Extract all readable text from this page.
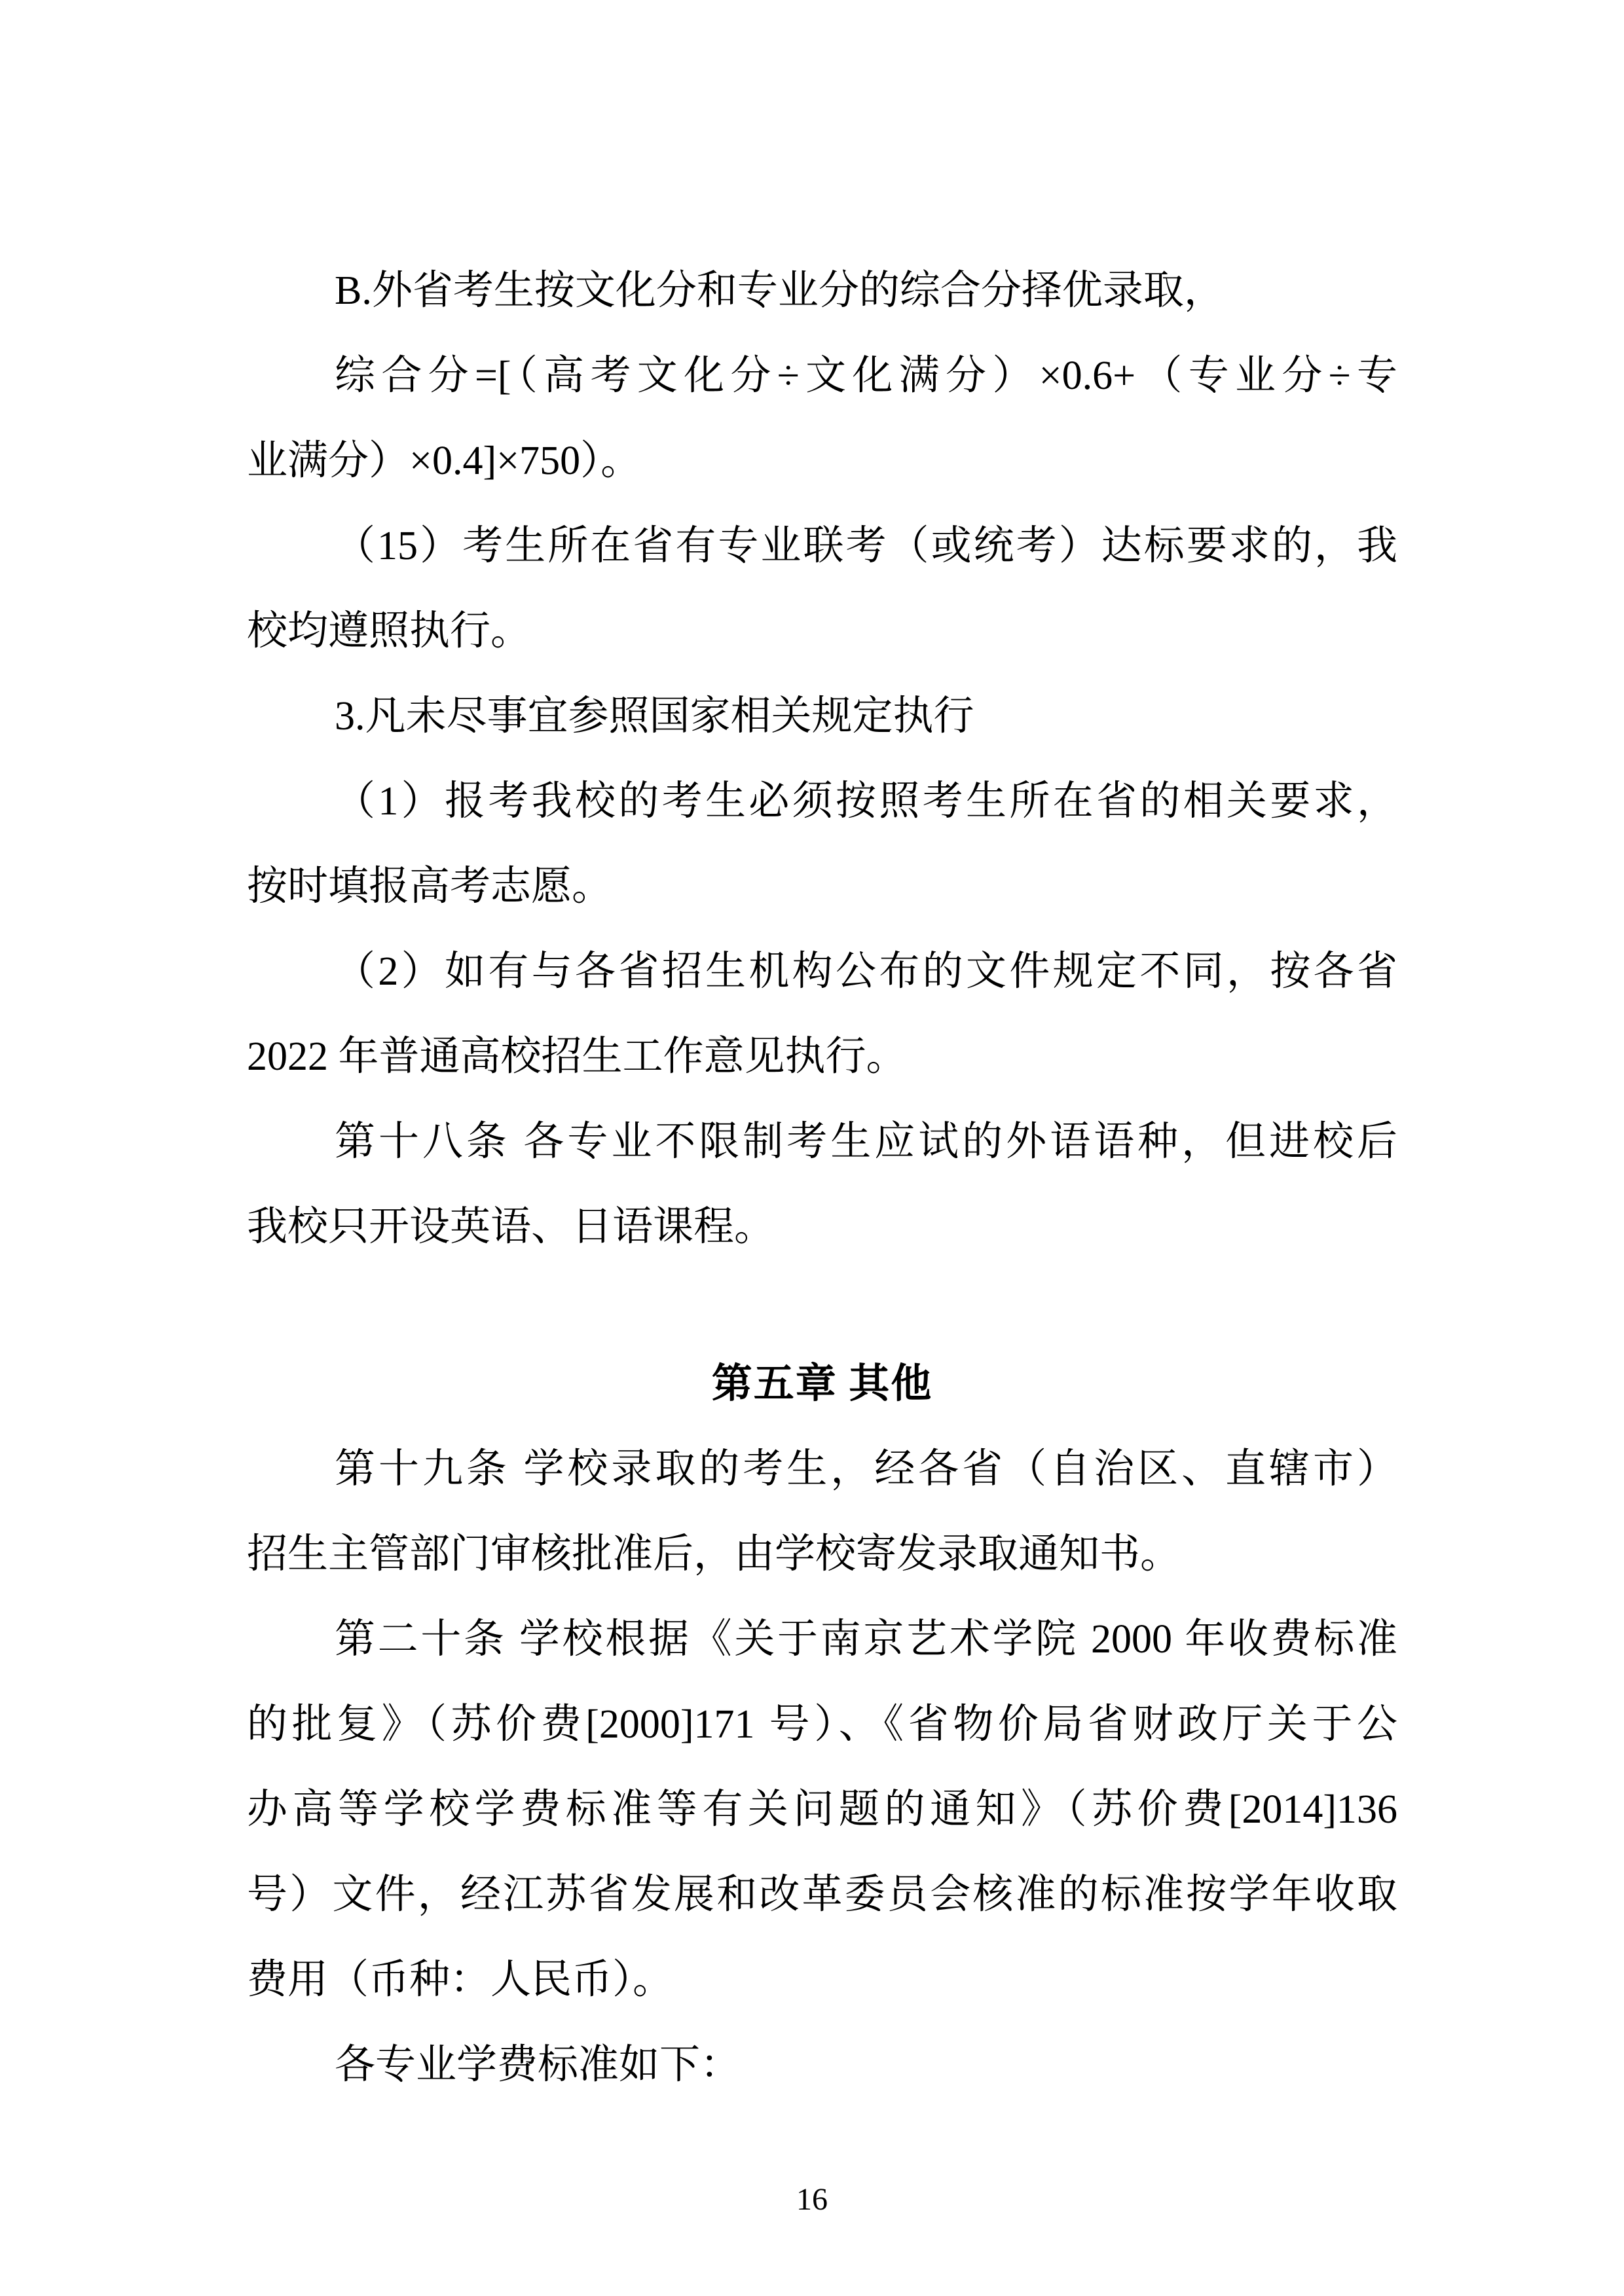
B.外省考生按文化分和专业分的综合分择优录取，
综合分=[（高考文化分÷文化满分）×0.6+（专业分÷专
业满分）×0.4]×750）。
（15）考生所在省有专业联考（或统考）达标要求的，我
校均遵照执行。
3.凡未尽事宜参照国家相关规定执行
（1）报考我校的考生必须按照考生所在省的相关要求，
按时填报高考志愿。
（2）如有与各省招生机构公布的文件规定不同，按各省
2022 年普通高校招生工作意见执行。
第十八条 各专业不限制考生应试的外语语种，但进校后
我校只开设英语、日语课程。
第五章 其他
第十九条 学校录取的考生，经各省（自治区、直辖市）
招生主管部门审核批准后，由学校寄发录取通知书。
第二十条 学校根据《关于南京艺术学院 2000 年收费标准
的批复》（苏价费[2000]171 号）、《省物价局省财政厅关于公
办高等学校学费标准等有关问题的通知》（苏价费[2014]136
号）文件，经江苏省发展和改革委员会核准的标准按学年收取
费用（币种：人民币）。
各专业学费标准如下：
16
